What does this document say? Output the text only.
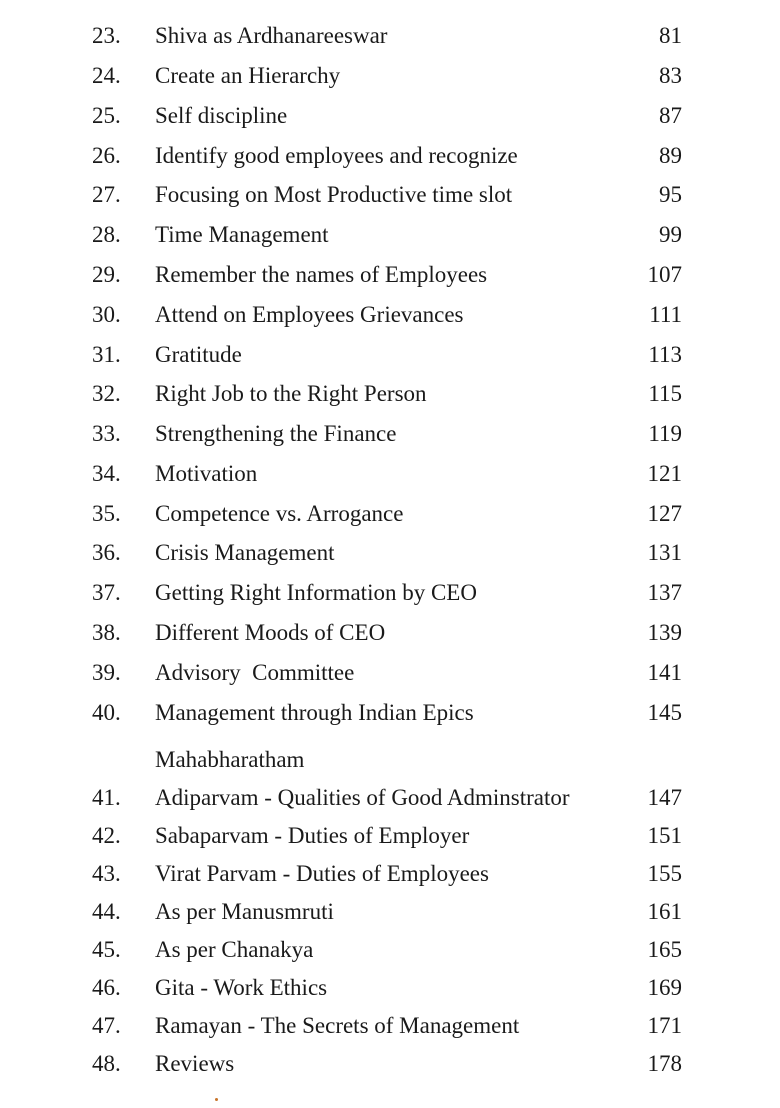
23.	Shiva as Ardhanareeswar	81
24.	Create an Hierarchy	83
25.	Self discipline	87
26.	Identify good employees and recognize	89
27.	Focusing on Most Productive time slot	95
28.	Time Management	99
29.	Remember the names of Employees	107
30.	Attend on Employees Grievances	111
31.	Gratitude	113
32.	Right Job to the Right Person	115
33.	Strengthening the Finance	119
34.	Motivation	121
35.	Competence vs. Arrogance	127
36.	Crisis Management	131
37.	Getting Right Information by CEO	137
38.	Different Moods of CEO	139
39.	Advisory  Committee	141
40.	Management through Indian Epics	145
Mahabharatham
41.	Adiparvam - Qualities of Good Adminstrator	147
42.	Sabaparvam - Duties of Employer	151
43.	Virat Parvam - Duties of Employees	155
44.	As per Manusmruti	161
45.	As per Chanakya	165
46.	Gita - Work Ethics	169
47.	Ramayan - The Secrets of Management	171
48.	Reviews	178
